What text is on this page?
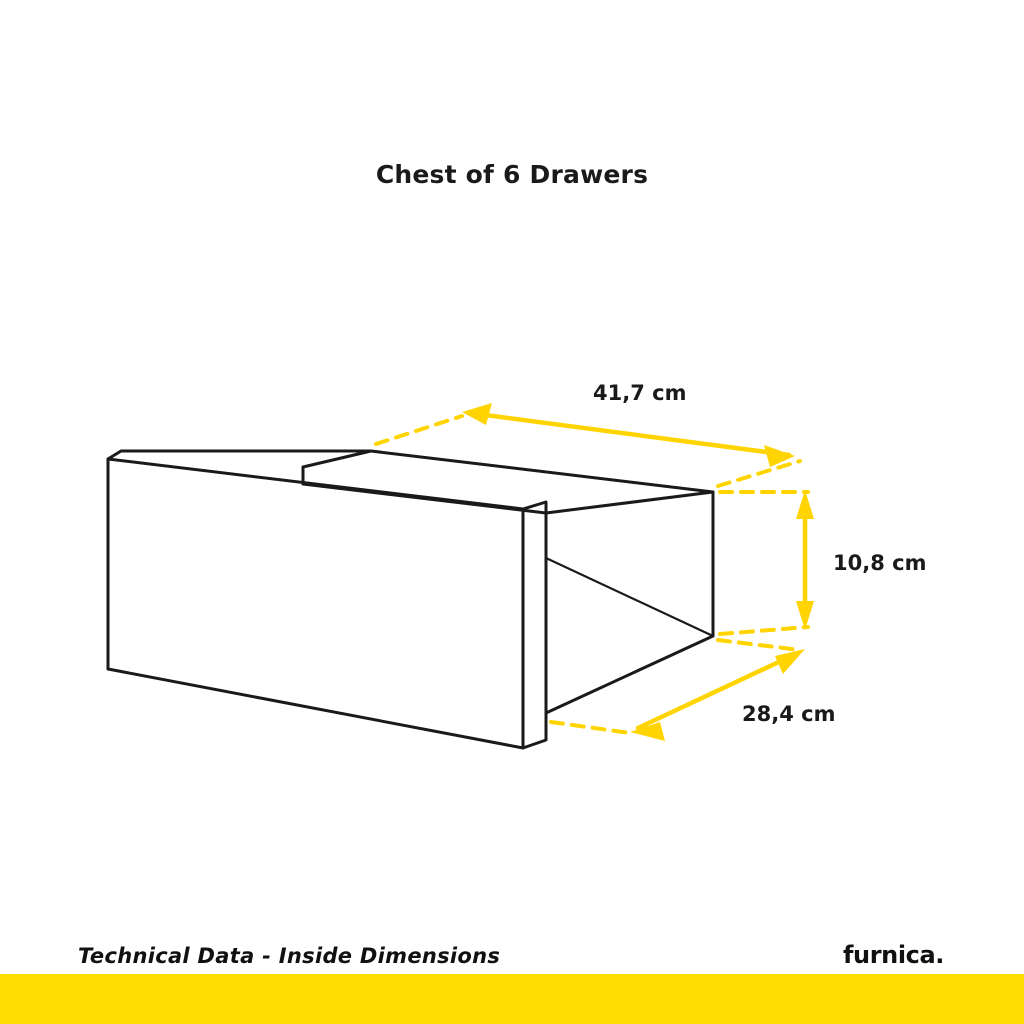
Chest of 6 Drawers
41,7 cm
10,8 cm
28,4 cm
Technical Data - Inside Dimensions	furnica.
